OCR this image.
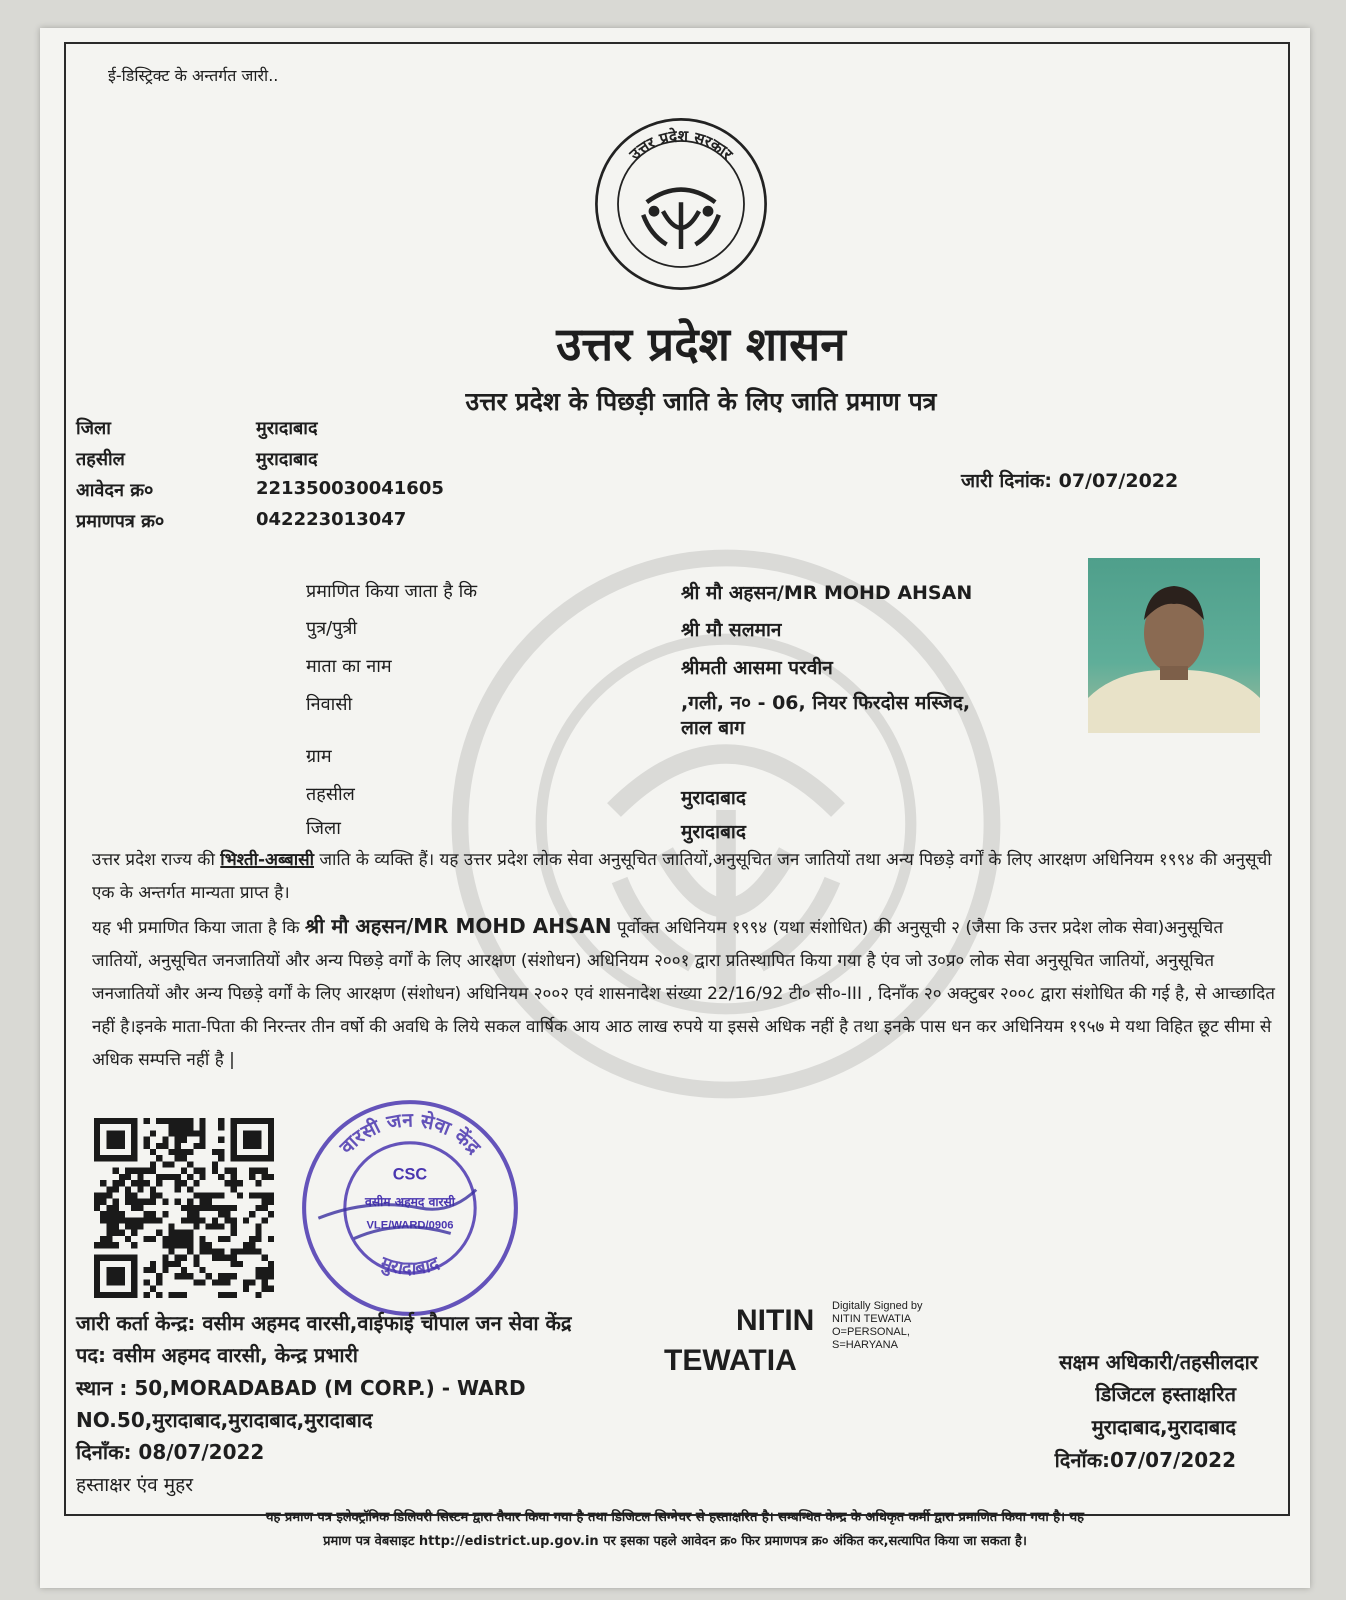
ई-डिस्ट्रिक्ट के अन्तर्गत जारी..
उत्तर प्रदेश सरकार
उत्तर प्रदेश शासन
उत्तर प्रदेश के पिछड़ी जाति के लिए जाति प्रमाण पत्र
जिला	मुरादाबाद
तहसील	मुरादाबाद
आवेदन क्र०	221350030041605
प्रमाणपत्र क्र०	042223013047
जारी दिनांक: 07/07/2022
प्रमाणित किया जाता है कि	श्री मौ अहसन/MR MOHD AHSAN
पुत्र/पुत्री	श्री मौ सलमान
माता का नाम	श्रीमती आसमा परवीन
निवासी	,गली, न० - 06, नियर फिरदोस मस्जिद,
लाल बाग
ग्राम
तहसील	मुरादाबाद
जिला	मुरादाबाद
उत्तर प्रदेश राज्य की भिश्ती-अब्बासी जाति के व्यक्ति हैं। यह उत्तर प्रदेश लोक सेवा अनुसूचित जातियों,अनुसूचित जन जातियों तथा अन्य पिछड़े वर्गों के लिए आरक्षण अधिनियम १९९४ की अनुसूची एक के अन्तर्गत मान्यता प्राप्त है।
यह भी प्रमाणित किया जाता है कि श्री मौ अहसन/MR MOHD AHSAN पूर्वोक्त अधिनियम १९९४ (यथा संशोधित) की अनुसूची २ (जैसा कि उत्तर प्रदेश लोक सेवा)अनुसूचित जातियों, अनुसूचित जनजातियों और अन्य पिछड़े वर्गों के लिए आरक्षण (संशोधन) अधिनियम २००१ द्वारा प्रतिस्थापित किया गया है एंव जो उ०प्र० लोक सेवा अनुसूचित जातियों, अनुसूचित जनजातियों और अन्य पिछड़े वर्गों के लिए आरक्षण (संशोधन) अधिनियम २००२ एवं शासनादेश संख्या 22/16/92 टी० सी०-III , दिनाँक २० अक्टुबर २००८ द्वारा संशोधित की गई है, से आच्छादित नहीं है।इनके माता-पिता की निरन्तर तीन वर्षो की अवधि के लिये सकल वार्षिक आय आठ लाख रुपये या इससे अधिक नहीं है तथा इनके पास धन कर अधिनियम १९५७ मे यथा विहित छूट सीमा से अधिक सम्पत्ति नहीं है |
वारसी जन सेवा केंद्र
मुरादाबाद
CSC
वसीम अहमद वारसी
VLE/WARD/0906
जारी कर्ता केन्द्र: वसीम अहमद वारसी,वाईफाई चौपाल जन सेवा केंद्र
पद: वसीम अहमद वारसी, केन्द्र प्रभारी
स्थान : 50,MORADABAD (M CORP.) - WARD
NO.50,मुरादाबाद,मुरादाबाद,मुरादाबाद
दिनाँक: 08/07/2022
हस्ताक्षर एंव मुहर
NITIN
TEWATIA
Digitally Signed by
NITIN TEWATIA
O=PERSONAL,
S=HARYANA
सक्षम अधिकारी/तहसीलदार
डिजिटल हस्ताक्षरित
मुरादाबाद,मुरादाबाद
दिनॉक:07/07/2022
यह प्रमाण पत्र इलेक्ट्रॉनिक डिलिवरी सिस्टम द्वारा तैयार किया गया है तथा डिजिटल सिग्नेचर से हस्ताक्षरित है। सम्बन्धित केन्द्र के अधिकृत कर्मी द्वारा प्रमाणित किया गया है। यह
प्रमाण पत्र वेबसाइट http://edistrict.up.gov.in पर इसका पहले आवेदन क्र० फिर प्रमाणपत्र क्र० अंकित कर,सत्यापित किया जा सकता है।
